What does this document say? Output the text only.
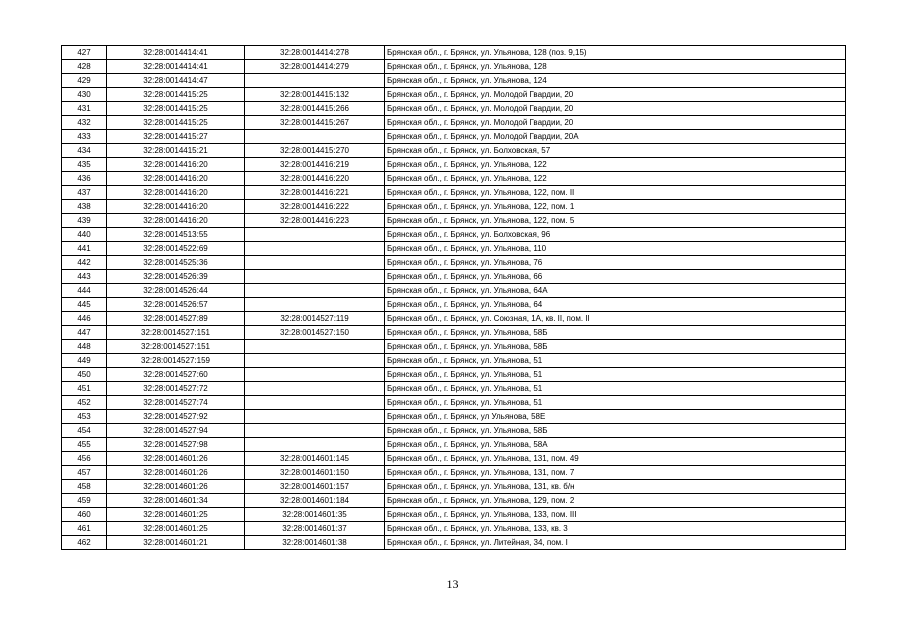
427	32:28:0014414:41	32:28:0014414:278	Брянская обл., г. Брянск, ул. Ульянова, 128 (поз. 9,15)
428	32:28:0014414:41	32:28:0014414:279	Брянская обл., г. Брянск, ул. Ульянова, 128
429	32:28:0014414:47		Брянская обл., г. Брянск, ул. Ульянова, 124
430	32:28:0014415:25	32:28:0014415:132	Брянская обл., г. Брянск, ул. Молодой Гвардии, 20
431	32:28:0014415:25	32:28:0014415:266	Брянская обл., г. Брянск, ул. Молодой Гвардии, 20
432	32:28:0014415:25	32:28:0014415:267	Брянская обл., г. Брянск, ул. Молодой Гвардии, 20
433	32:28:0014415:27		Брянская обл., г. Брянск, ул. Молодой Гвардии, 20А
434	32:28:0014415:21	32:28:0014415:270	Брянская обл., г. Брянск, ул. Болховская, 57
435	32:28:0014416:20	32:28:0014416:219	Брянская обл., г. Брянск, ул. Ульянова, 122
436	32:28:0014416:20	32:28:0014416:220	Брянская обл., г. Брянск, ул. Ульянова, 122
437	32:28:0014416:20	32:28:0014416:221	Брянская обл., г. Брянск, ул. Ульянова, 122, пом. II
438	32:28:0014416:20	32:28:0014416:222	Брянская обл., г. Брянск, ул. Ульянова, 122, пом. 1
439	32:28:0014416:20	32:28:0014416:223	Брянская обл., г. Брянск, ул. Ульянова, 122, пом. 5
440	32:28:0014513:55		Брянская обл., г. Брянск, ул. Болховская, 96
441	32:28:0014522:69		Брянская обл., г. Брянск, ул. Ульянова, 110
442	32:28:0014525:36		Брянская обл., г. Брянск, ул. Ульянова, 76
443	32:28:0014526:39		Брянская обл., г. Брянск, ул. Ульянова, 66
444	32:28:0014526:44		Брянская обл., г. Брянск, ул. Ульянова, 64А
445	32:28:0014526:57		Брянская обл., г. Брянск, ул. Ульянова, 64
446	32:28:0014527:89	32:28:0014527:119	Брянская обл., г. Брянск, ул. Союзная, 1А, кв. II, пом. II
447	32:28:0014527:151	32:28:0014527:150	Брянская обл., г. Брянск, ул. Ульянова, 58Б
448	32:28:0014527:151		Брянская обл., г. Брянск, ул. Ульянова, 58Б
449	32:28:0014527:159		Брянская обл., г. Брянск, ул. Ульянова, 51
450	32:28:0014527:60		Брянская обл., г. Брянск, ул. Ульянова, 51
451	32:28:0014527:72		Брянская обл., г. Брянск, ул. Ульянова, 51
452	32:28:0014527:74		Брянская обл., г. Брянск, ул. Ульянова, 51
453	32:28:0014527:92		Брянская обл., г. Брянск, ул Ульянова, 58Е
454	32:28:0014527:94		Брянская обл., г. Брянск, ул. Ульянова, 58Б
455	32:28:0014527:98		Брянская обл., г. Брянск, ул. Ульянова, 58А
456	32:28:0014601:26	32:28:0014601:145	Брянская обл., г. Брянск, ул. Ульянова, 131, пом. 49
457	32:28:0014601:26	32:28:0014601:150	Брянская обл., г. Брянск, ул. Ульянова, 131, пом. 7
458	32:28:0014601:26	32:28:0014601:157	Брянская обл., г. Брянск, ул. Ульянова, 131, кв. б/н
459	32:28:0014601:34	32:28:0014601:184	Брянская обл., г. Брянск, ул. Ульянова, 129, пом. 2
460	32:28:0014601:25	32:28:0014601:35	Брянская обл., г. Брянск, ул. Ульянова, 133, пом. III
461	32:28:0014601:25	32:28:0014601:37	Брянская обл., г. Брянск, ул. Ульянова, 133, кв. 3
462	32:28:0014601:21	32:28:0014601:38	Брянская обл., г. Брянск, ул. Литейная, 34, пом. I
13
